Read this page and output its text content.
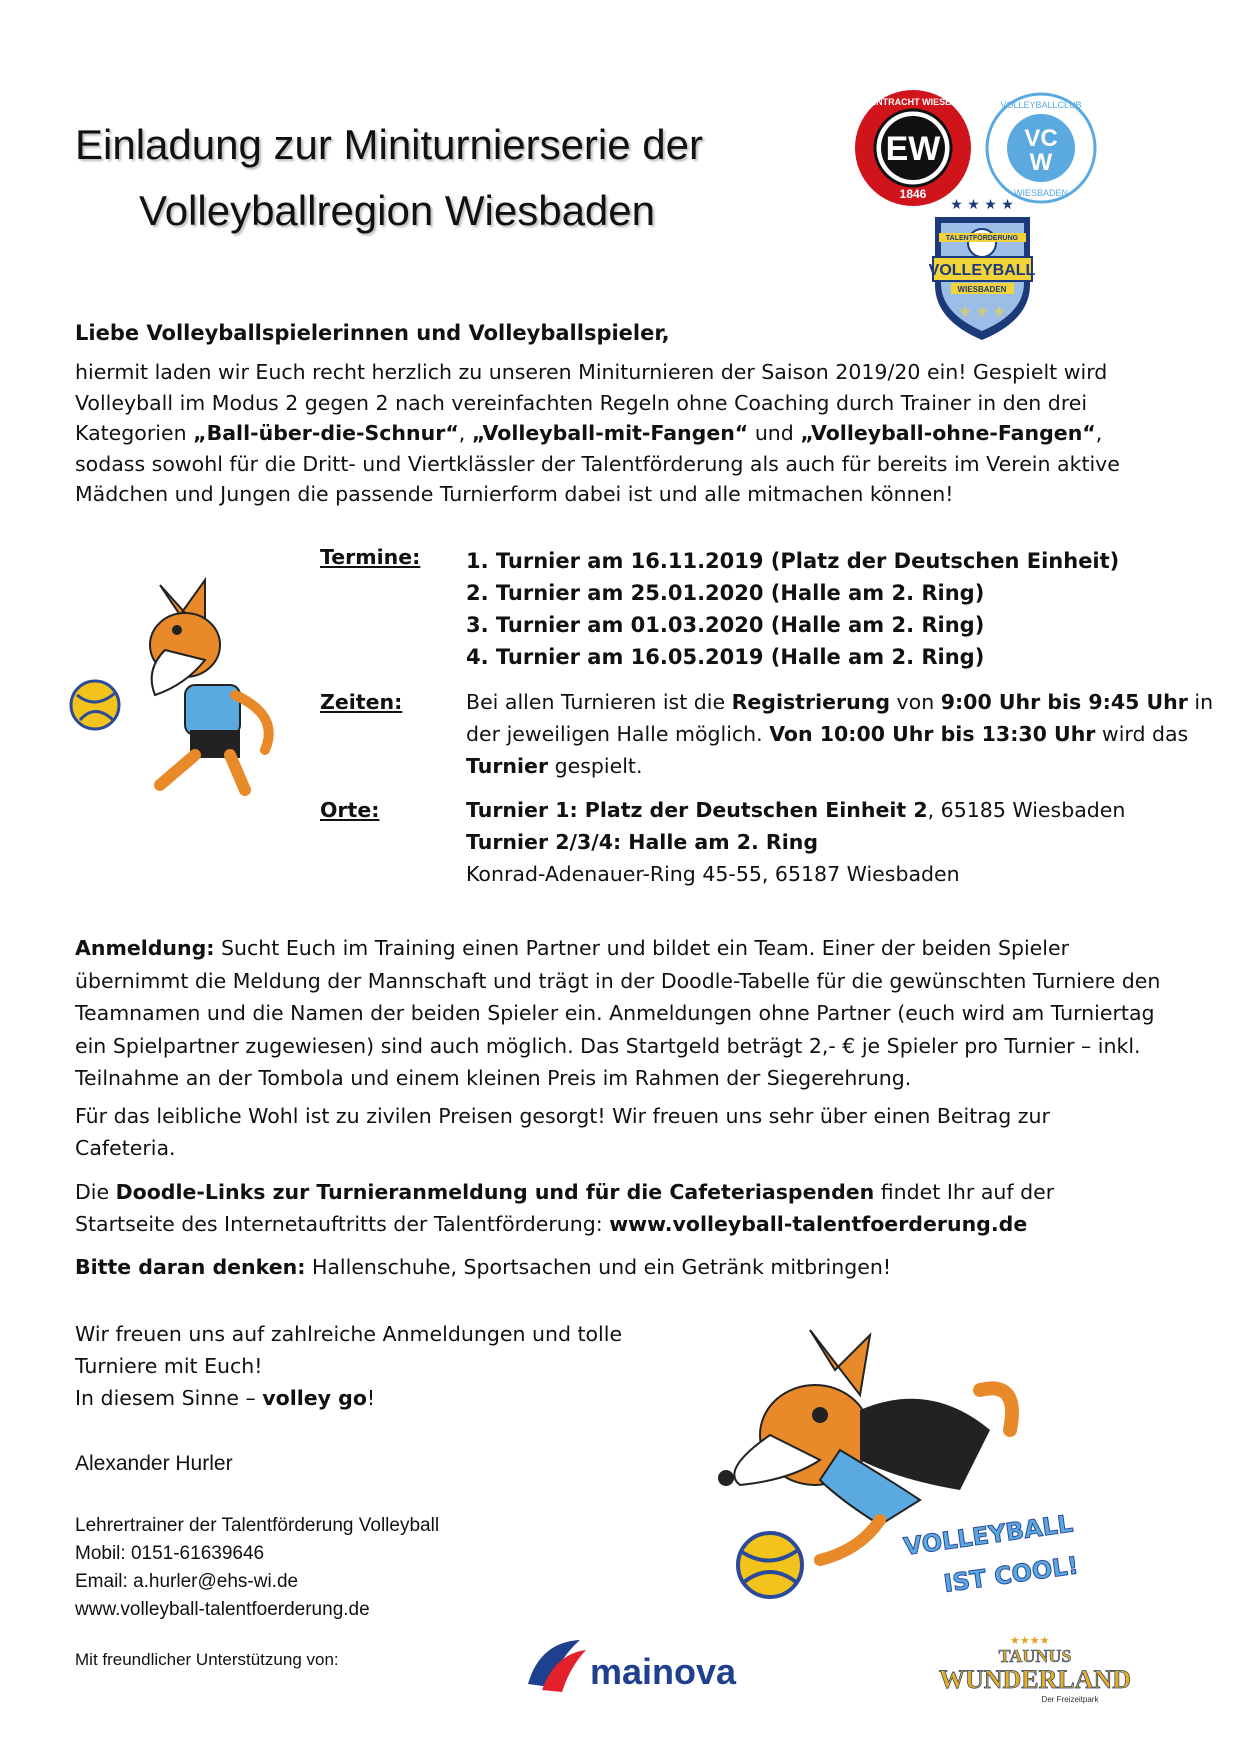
Einladung zur Miniturnierserie der
Volleyballregion Wiesbaden
EW
1846
TuS EINTRACHT WIESBADEN
VC
W
VOLLEYBALLCLUB
WIESBADEN
★ ★ ★ ★
TALENTFÖRDERUNG
VOLLEYBALL
WIESBADEN
⚜ ⚜ ⚜
Liebe Volleyballspielerinnen und Volleyballspieler,
hiermit laden wir Euch recht herzlich zu unseren Miniturnieren der Saison 2019/20 ein! Gespielt wird Volleyball im Modus 2 gegen 2 nach vereinfachten Regeln ohne Coaching durch Trainer in den drei Kategorien „Ball-über-die-Schnur“, „Volleyball-mit-Fangen“ und „Volleyball-ohne-Fangen“, sodass sowohl für die Dritt- und Viertklässler der Talentförderung als auch für bereits im Verein aktive Mädchen und Jungen die passende Turnierform dabei ist und alle mitmachen können!
Termine: 1. Turnier am 16.11.2019 (Platz der Deutschen Einheit)
2. Turnier am 25.01.2020 (Halle am 2. Ring)
3. Turnier am 01.03.2020 (Halle am 2. Ring)
4. Turnier am 16.05.2019 (Halle am 2. Ring)
Zeiten:	Bei allen Turnieren ist die Registrierung von 9:00 Uhr bis 9:45 Uhr in der jeweiligen Halle möglich. Von 10:00 Uhr bis 13:30 Uhr wird das Turnier gespielt.
Orte:	Turnier 1: Platz der Deutschen Einheit 2, 65185 Wiesbaden
Turnier 2/3/4: Halle am 2. Ring
Konrad-Adenauer-Ring 45-55, 65187 Wiesbaden
Anmeldung: Sucht Euch im Training einen Partner und bildet ein Team. Einer der beiden Spieler übernimmt die Meldung der Mannschaft und trägt in der Doodle-Tabelle für die gewünschten Turniere den Teamnamen und die Namen der beiden Spieler ein. Anmeldungen ohne Partner (euch wird am Turniertag ein Spielpartner zugewiesen) sind auch möglich. Das Startgeld beträgt 2,- € je Spieler pro Turnier – inkl. Teilnahme an der Tombola und einem kleinen Preis im Rahmen der Siegerehrung.
Für das leibliche Wohl ist zu zivilen Preisen gesorgt! Wir freuen uns sehr über einen Beitrag zur Cafeteria.
Die Doodle-Links zur Turnieranmeldung und für die Cafeteriaspenden findet Ihr auf der Startseite des Internetauftritts der Talentförderung: www.volleyball-talentfoerderung.de
Bitte daran denken: Hallenschuhe, Sportsachen und ein Getränk mitbringen!
Wir freuen uns auf zahlreiche Anmeldungen und tolle
Turniere mit Euch!
In diesem Sinne – volley go!
Alexander Hurler
Lehrertrainer der Talentförderung Volleyball
Mobil: 0151-61639646
Email: a.hurler@ehs-wi.de
www.volleyball-talentfoerderung.de
Mit freundlicher Unterstützung von:
VOLLEYBALL
IST COOL!
mainova
★★★★
TAUNUS
WUNDERLAND
Der Freizeitpark
